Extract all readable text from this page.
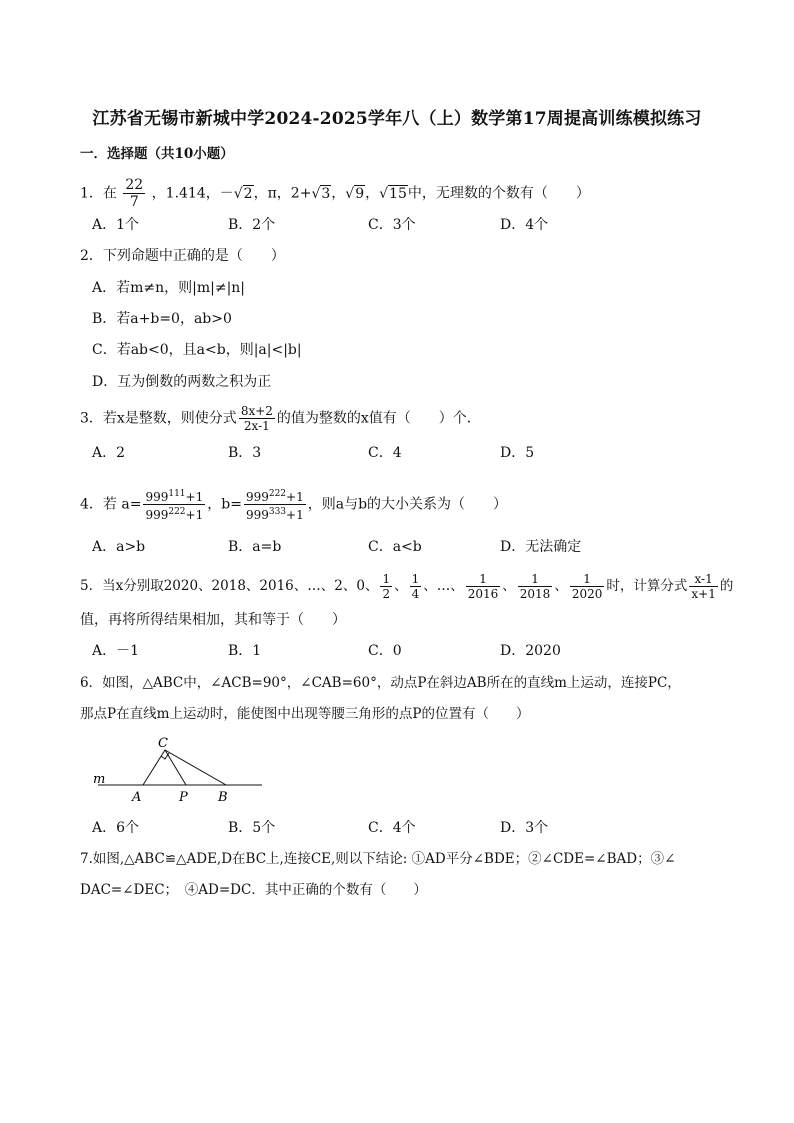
江苏省无锡市新城中学2024-2025学年八（上）数学第17周提高训练模拟练习
一．选择题（共10小题）
1．在 $\frac{22}{7}$ ，1.414，－√2，π，2+√3，√9，√15中，无理数的个数有（　　）
A．1个	B．2个	C．3个	D．4个
2．下列命题中正确的是（　　）
A．若m≠n，则|m|≠|n|
B．若a+b=0，ab>0
C．若ab<0，且a<b，则|a|<|b|
D．互为倒数的两数之积为正
3．若x是整数，则使分式 $\frac{8x+2}{2x-1}$ 的值为整数的x值有（　　）个．
A．2	B．3	C．4	D．5
4．若 $a= \frac{999^{111}+1}{999^{222}+1}$ ，$b= \frac{999^{222}+1}{999^{333}+1}$ ，则a与b的大小关系为（　　）
A．a>b	B．a=b	C．a<b	D．无法确定
5．当x分别取2020、2018、2016、…、2、0、 $\frac{1}{2}$ 、 $\frac{1}{4}$ 、…、 $\frac{1}{2016}$ 、 $\frac{1}{2018}$ 、 $\frac{1}{2020}$ 时，计算分式 $\frac{x-1}{x+1}$ 的
值，再将所得结果相加，其和等于（　　）
A．－1	B．1	C．0	D．2020
6．如图，△ABC中，∠ACB=90°，∠CAB=60°，动点P在斜边AB所在的直线m上运动，连接PC，
那点P在直线m上运动时，能使图中出现等腰三角形的点P的位置有（　　）
m
A	P B
C
A．6个	B．5个	C．4个	D．3个
7.如图,△ABC≌△ADE,D在BC上,连接CE,则以下结论: ①AD平分∠BDE；②∠CDE=∠BAD；③∠
DAC=∠DEC；　④AD=DC．其中正确的个数有（　　）
